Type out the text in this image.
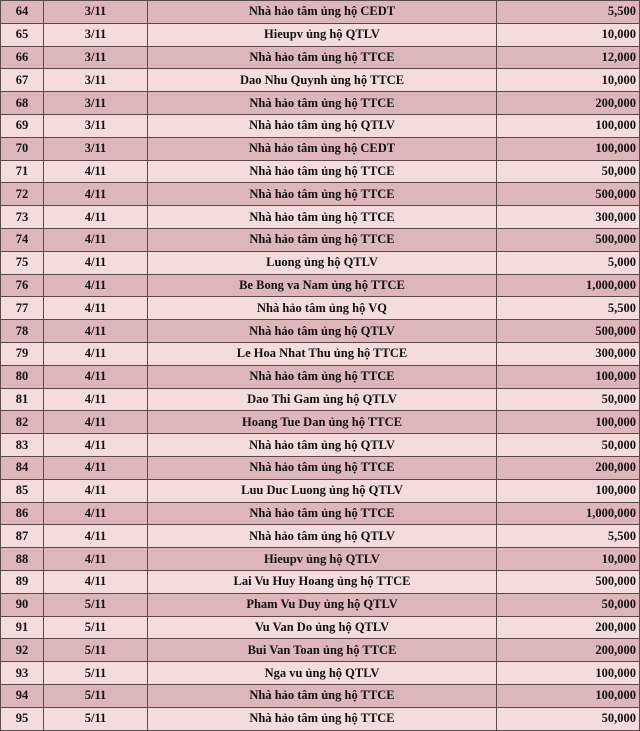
64	3/11	Nhà hảo tâm ủng hộ CEDT	5,500
65	3/11	Hieupv ủng hộ QTLV	10,000
66	3/11	Nhà hảo tâm ủng hộ TTCE	12,000
67	3/11	Dao Nhu Quynh ủng hộ TTCE	10,000
68	3/11	Nhà hảo tâm ủng hộ TTCE	200,000
69	3/11	Nhà hảo tâm ủng hộ QTLV	100,000
70	3/11	Nhà hảo tâm ủng hộ CEDT	100,000
71	4/11	Nhà hảo tâm ủng hộ TTCE	50,000
72	4/11	Nhà hảo tâm ủng hộ TTCE	500,000
73	4/11	Nhà hảo tâm ủng hộ TTCE	300,000
74	4/11	Nhà hảo tâm ủng hộ TTCE	500,000
75	4/11	Luong ủng hộ QTLV	5,000
76	4/11	Be Bong va Nam ủng hộ TTCE	1,000,000
77	4/11	Nhà hảo tâm ủng hộ VQ	5,500
78	4/11	Nhà hảo tâm ủng hộ QTLV	500,000
79	4/11	Le Hoa Nhat Thu ủng hộ TTCE	300,000
80	4/11	Nhà hảo tâm ủng hộ TTCE	100,000
81	4/11	Dao Thi Gam ủng hộ QTLV	50,000
82	4/11	Hoang Tue Dan ủng hộ TTCE	100,000
83	4/11	Nhà hảo tâm ủng hộ QTLV	50,000
84	4/11	Nhà hảo tâm ủng hộ TTCE	200,000
85	4/11	Luu Duc Luong ủng hộ QTLV	100,000
86	4/11	Nhà hảo tâm ủng hộ TTCE	1,000,000
87	4/11	Nhà hảo tâm ủng hộ QTLV	5,500
88	4/11	Hieupv ủng hộ QTLV	10,000
89	4/11	Lai Vu Huy Hoang ủng hộ TTCE	500,000
90	5/11	Pham Vu Duy ủng hộ QTLV	50,000
91	5/11	Vu Van Do ủng hộ QTLV	200,000
92	5/11	Bui Van Toan ủng hộ TTCE	200,000
93	5/11	Nga vu ủng hộ QTLV	100,000
94	5/11	Nhà hảo tâm ủng hộ TTCE	100,000
95	5/11	Nhà hảo tâm ủng hộ TTCE	50,000
